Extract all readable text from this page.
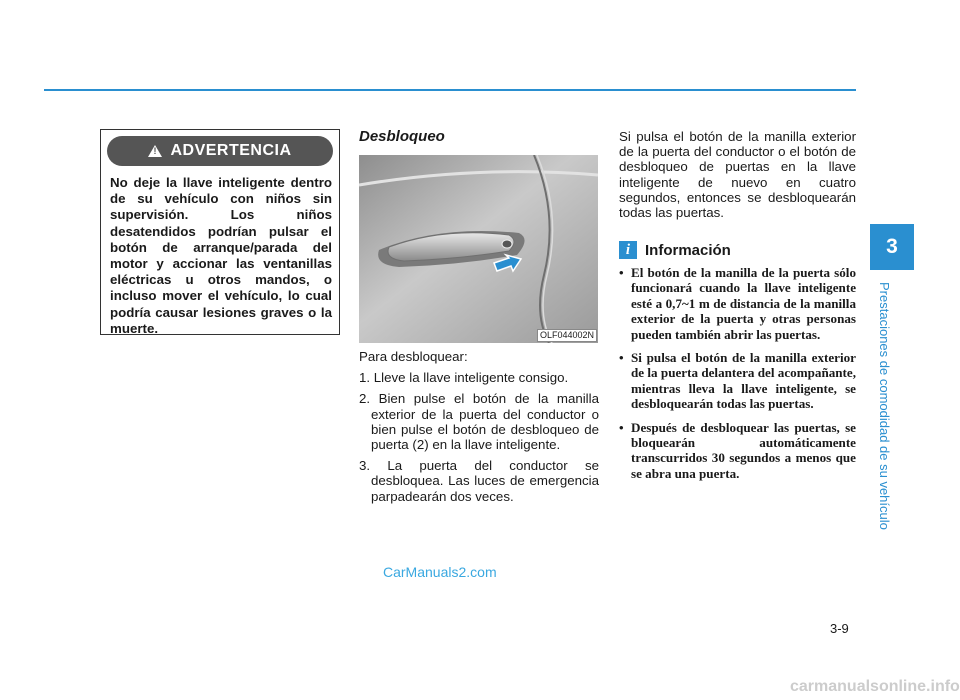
3
Prestaciones de comodidad de su vehículo
!
ADVERTENCIA
No deje la llave inteligente dentro de su vehículo con niños sin supervisión. Los niños desatendidos podrían pulsar el botón de arranque/parada del motor y accionar las ventanillas eléctricas u otros mandos, o incluso mover el vehículo, lo cual podría causar lesiones graves o la muerte.
Desbloqueo
OLF044002N

Para desbloquear:

1. Lleve la llave inteligente consigo.

2. Bien pulse el botón de la manilla exterior de la puerta del conductor o bien pulse el botón de desbloqueo de puerta (2) en la llave inteligente.

3. La puerta del conductor se desbloquea. Las luces de emergencia parpadearán dos veces.

Si pulsa el botón de la manilla exterior de la puerta del conductor o el botón de desbloqueo de puertas en la llave inteligente de nuevo en cuatro segundos, entonces se desbloquearán todas las puertas.
i Información
• El botón de la manilla de la puerta sólo funcionará cuando la llave inteligente esté a 0,7~1 m de distancia de la manilla exterior de la puerta y otras personas pueden también abrir las puertas.
• Si pulsa el botón de la manilla exterior de la puerta delantera del acompañante, mientras lleva la llave inteligente, se desbloquearán todas las puertas.
• Después de desbloquear las puertas, se bloquearán automáticamente transcurridos 30 segundos a menos que se abra una puerta.
3-9
CarManuals2.com
carmanualsonline.info
